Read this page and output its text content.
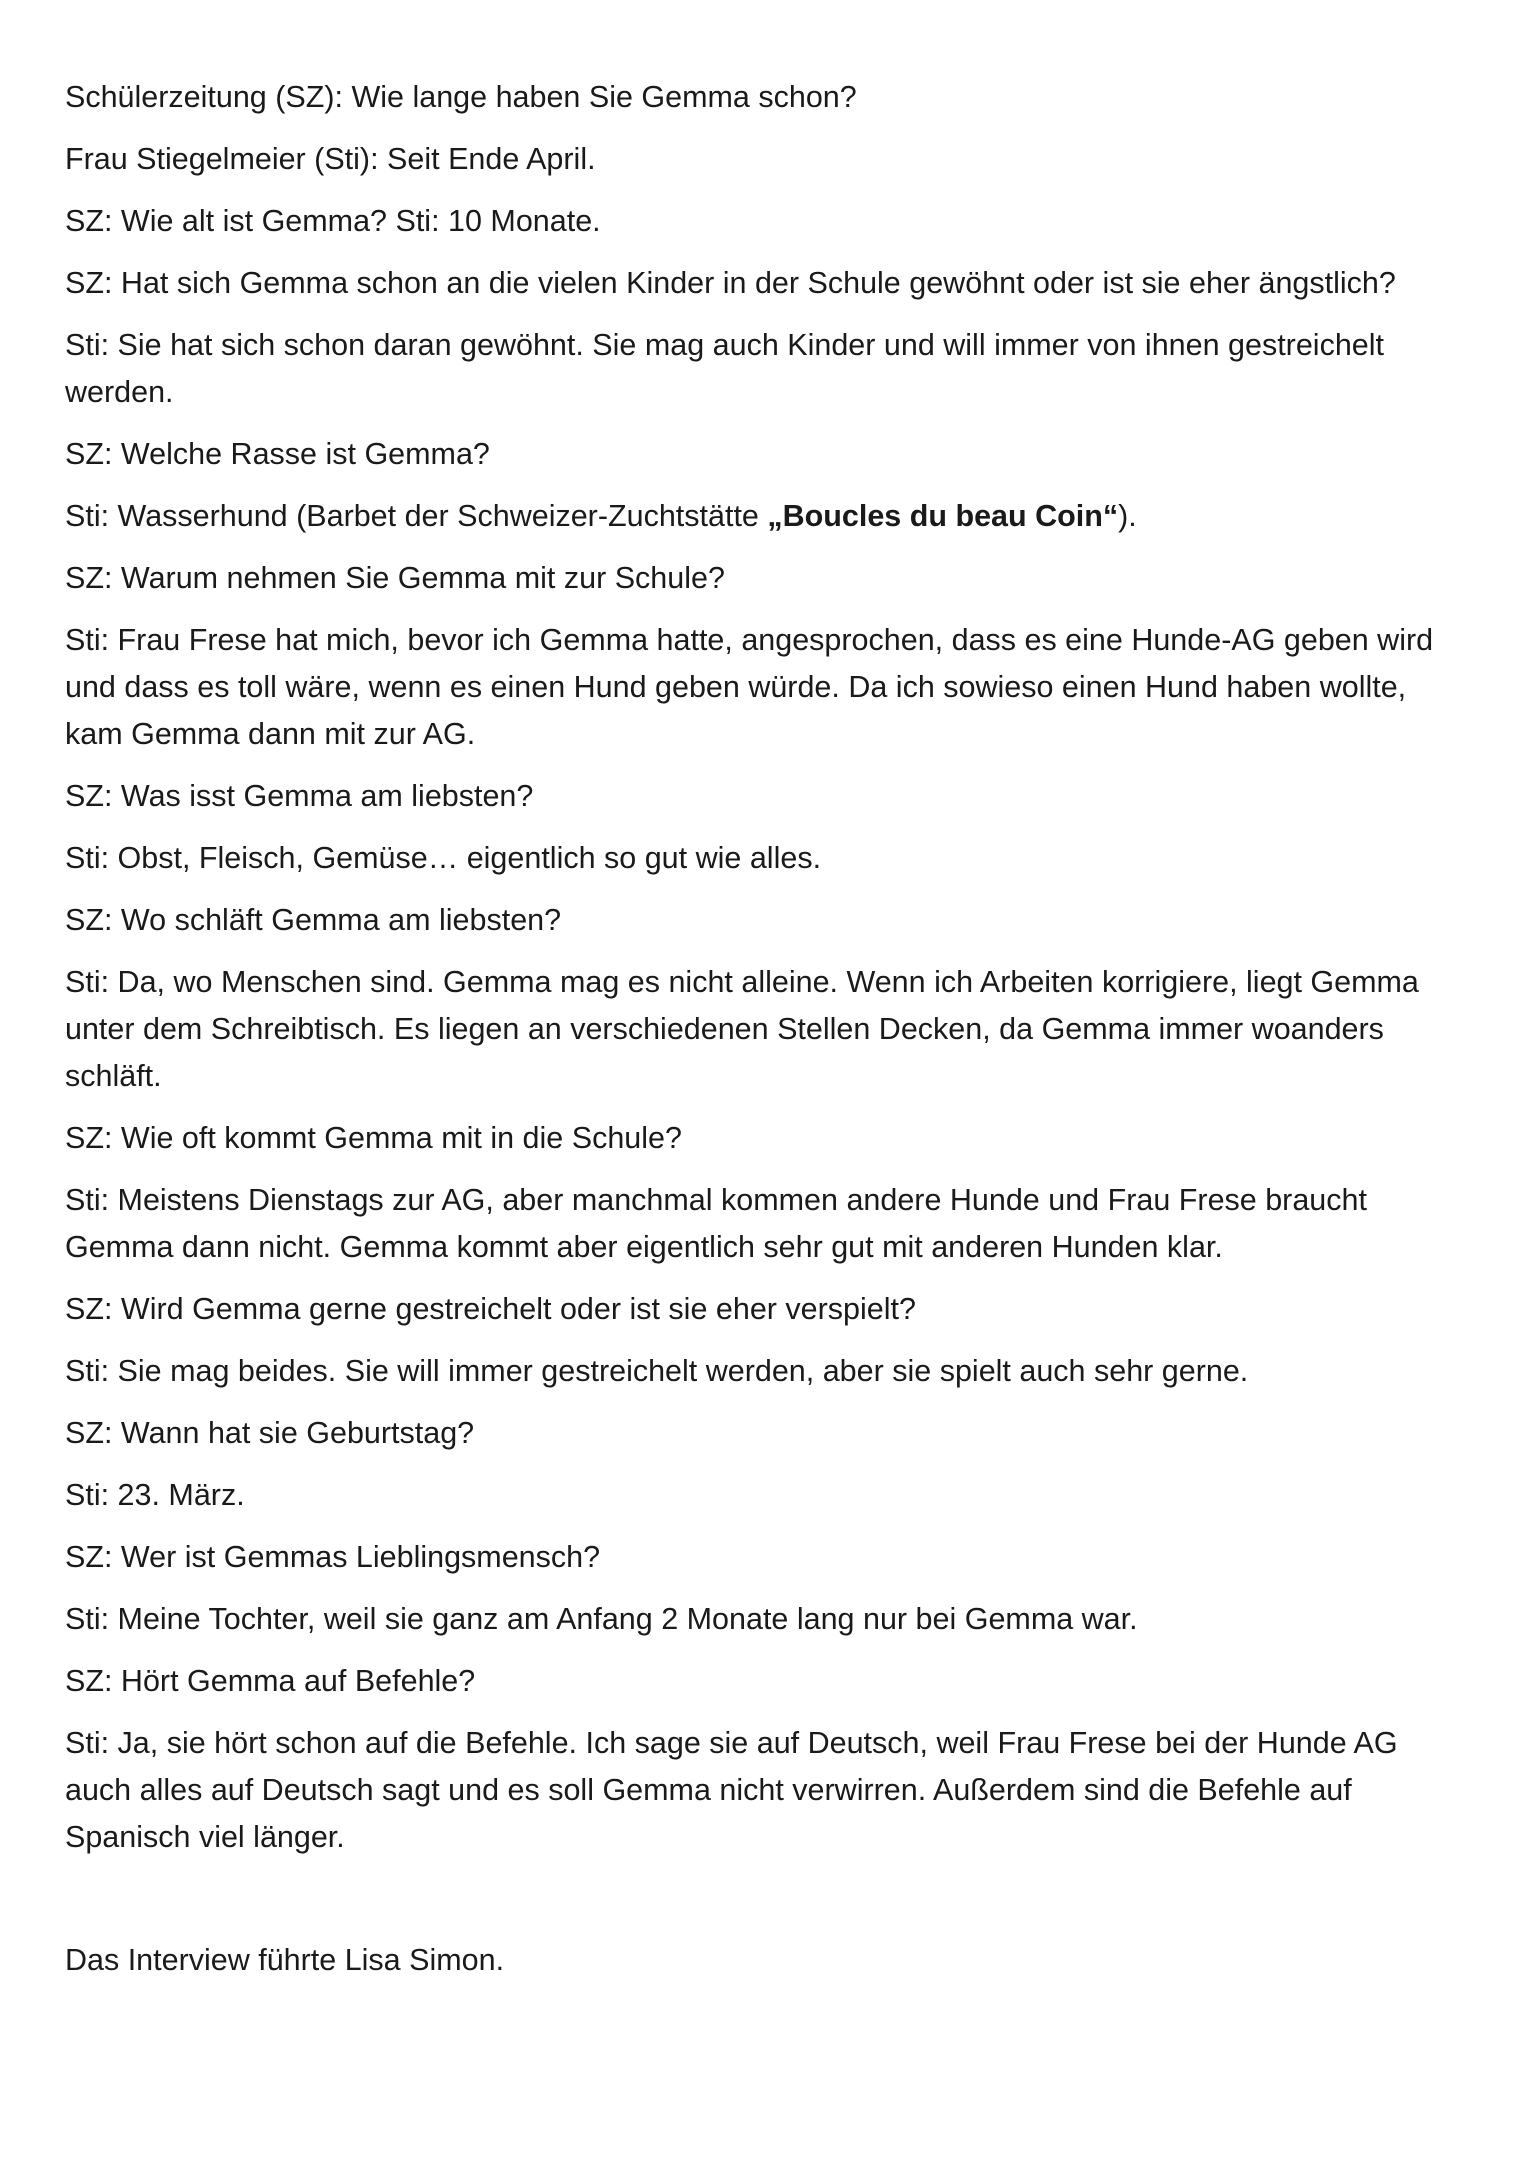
Schülerzeitung (SZ): Wie lange haben Sie Gemma schon?

Frau Stiegelmeier (Sti): Seit Ende April.

SZ: Wie alt ist Gemma? Sti: 10 Monate.

SZ: Hat sich Gemma schon an die vielen Kinder in der Schule gewöhnt oder ist sie eher ängstlich?

Sti: Sie hat sich schon daran gewöhnt. Sie mag auch Kinder und will immer von ihnen gestreichelt werden.

SZ: Welche Rasse ist Gemma?

Sti: Wasserhund (Barbet der Schweizer-Zuchtstätte „Boucles du beau Coin“).

SZ: Warum nehmen Sie Gemma mit zur Schule?

Sti: Frau Frese hat mich, bevor ich Gemma hatte, angesprochen, dass es eine Hunde-AG geben wird und dass es toll wäre, wenn es einen Hund geben würde. Da ich sowieso einen Hund haben wollte, kam Gemma dann mit zur AG.

SZ: Was isst Gemma am liebsten?

Sti: Obst, Fleisch, Gemüse… eigentlich so gut wie alles.

SZ: Wo schläft Gemma am liebsten?

Sti: Da, wo Menschen sind. Gemma mag es nicht alleine. Wenn ich Arbeiten korrigiere, liegt Gemma unter dem Schreibtisch. Es liegen an verschiedenen Stellen Decken, da Gemma immer woanders schläft.

SZ: Wie oft kommt Gemma mit in die Schule?

Sti: Meistens Dienstags zur AG, aber manchmal kommen andere Hunde und Frau Frese braucht Gemma dann nicht. Gemma kommt aber eigentlich sehr gut mit anderen Hunden klar.

SZ: Wird Gemma gerne gestreichelt oder ist sie eher verspielt?

Sti: Sie mag beides. Sie will immer gestreichelt werden, aber sie spielt auch sehr gerne.

SZ: Wann hat sie Geburtstag?

Sti: 23. März.

SZ: Wer ist Gemmas Lieblingsmensch?

Sti: Meine Tochter, weil sie ganz am Anfang 2 Monate lang nur bei Gemma war.

SZ: Hört Gemma auf Befehle?

Sti: Ja, sie hört schon auf die Befehle. Ich sage sie auf Deutsch, weil Frau Frese bei der Hunde AG auch alles auf Deutsch sagt und es soll Gemma nicht verwirren. Außerdem sind die Befehle auf Spanisch viel länger.

Das Interview führte Lisa Simon.
